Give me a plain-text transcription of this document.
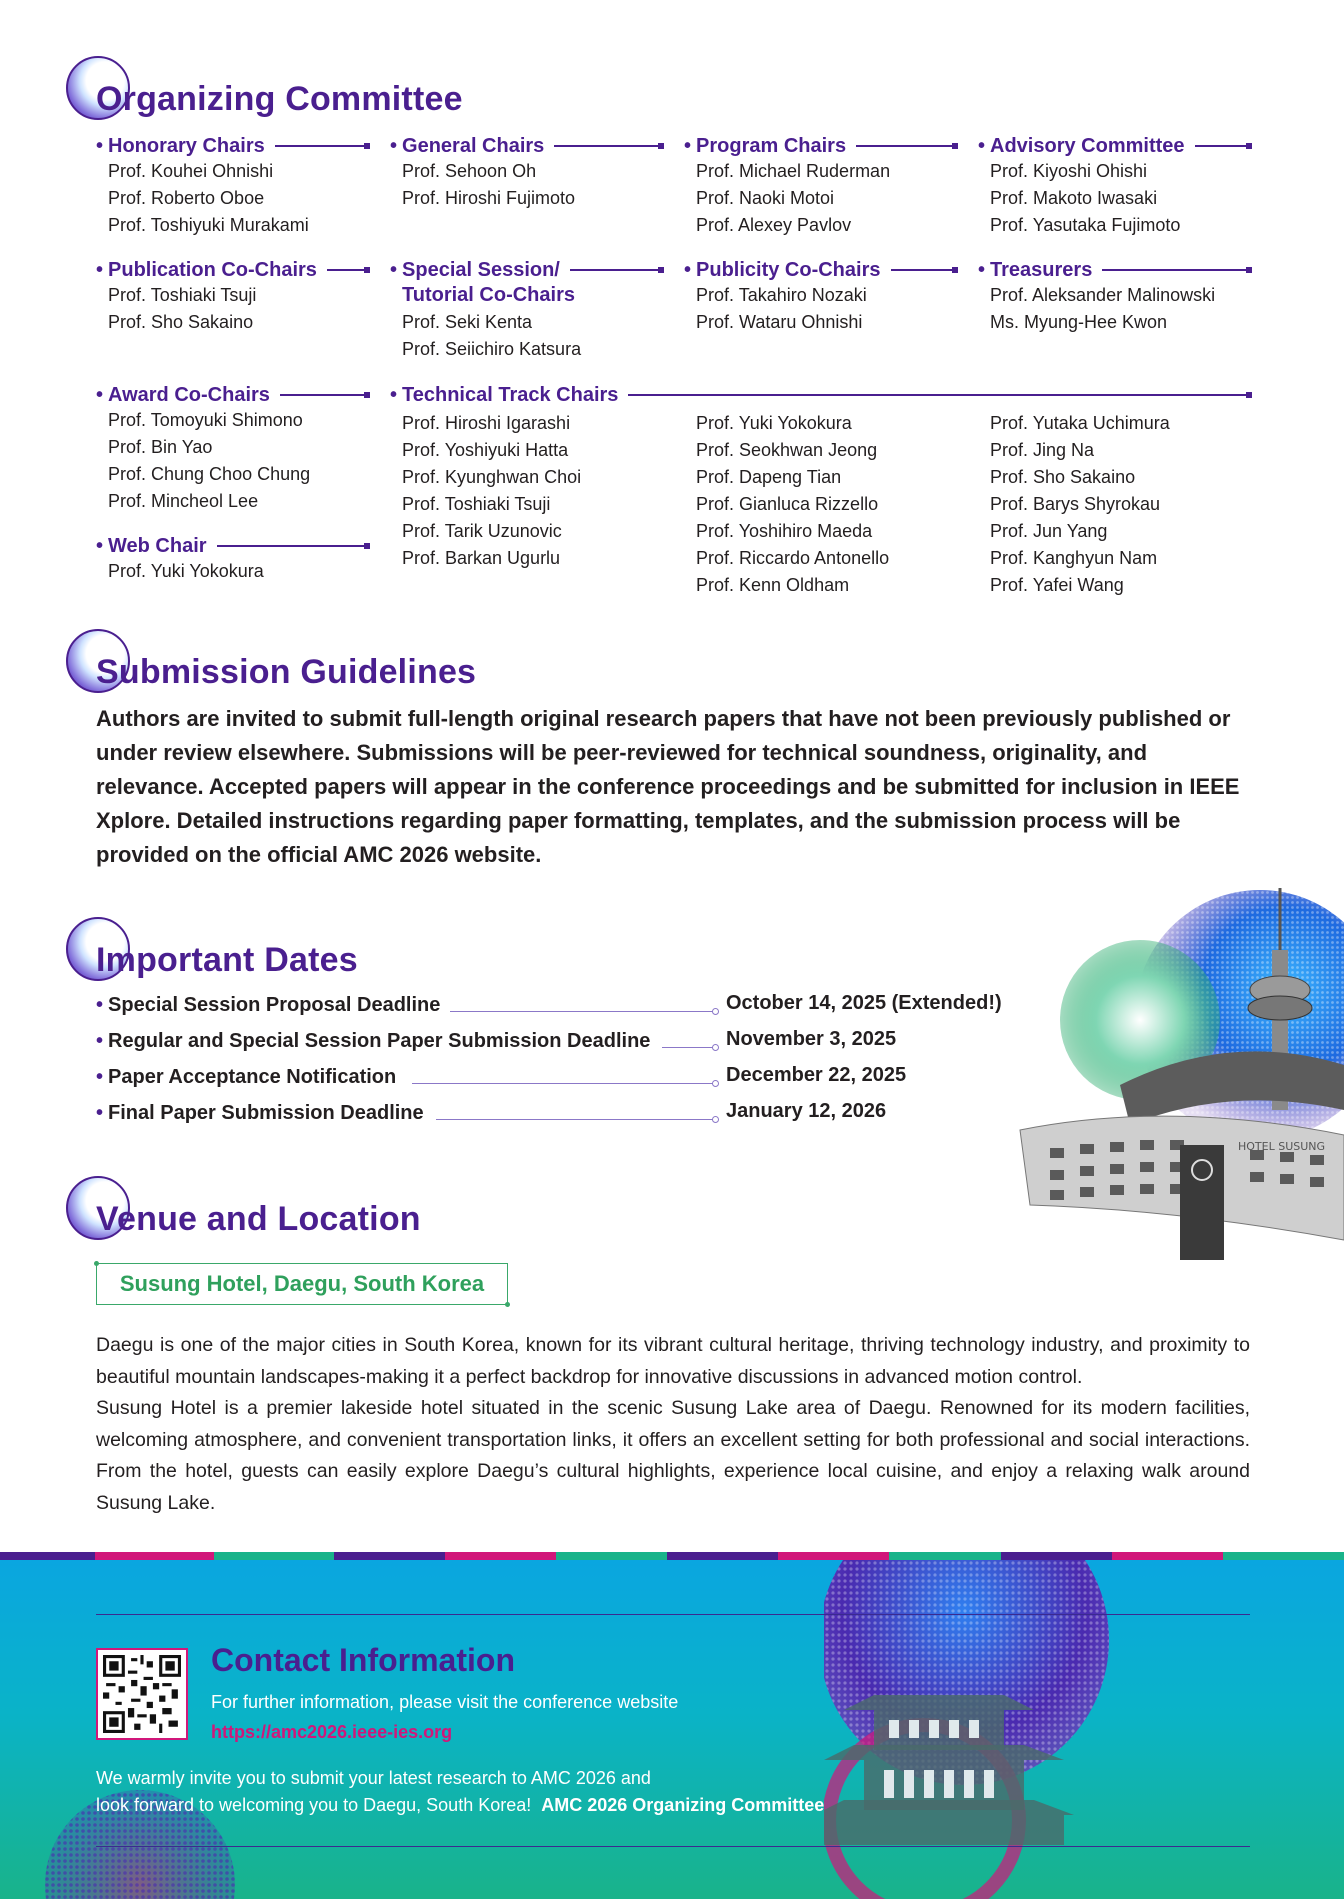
Organizing Committee
• Honorary Chairs
Prof. Kouhei Ohnishi
Prof. Roberto Oboe
Prof. Toshiyuki Murakami
• General Chairs
Prof. Sehoon Oh
Prof. Hiroshi Fujimoto
• Program Chairs
Prof. Michael Ruderman
Prof. Naoki Motoi
Prof. Alexey Pavlov
• Advisory Committee
Prof. Kiyoshi Ohishi
Prof. Makoto Iwasaki
Prof. Yasutaka Fujimoto
• Publication Co-Chairs
Prof. Toshiaki Tsuji
Prof. Sho Sakaino
• Special Session/
Tutorial Co-Chairs
Prof. Seki Kenta
Prof. Seiichiro Katsura
• Publicity Co-Chairs
Prof. Takahiro Nozaki
Prof. Wataru Ohnishi
• Treasurers
Prof. Aleksander Malinowski
Ms. Myung-Hee Kwon
• Award Co-Chairs
Prof. Tomoyuki Shimono
Prof. Bin Yao
Prof. Chung Choo Chung
Prof. Mincheol Lee
• Web Chair
Prof. Yuki Yokokura
• Technical Track Chairs
Prof. Hiroshi Igarashi
Prof. Yoshiyuki Hatta
Prof. Kyunghwan Choi
Prof. Toshiaki Tsuji
Prof. Tarik Uzunovic
Prof. Barkan Ugurlu
Prof. Yuki Yokokura
Prof. Seokhwan Jeong
Prof. Dapeng Tian
Prof. Gianluca Rizzello
Prof. Yoshihiro Maeda
Prof. Riccardo Antonello
Prof. Kenn Oldham
Prof. Yutaka Uchimura
Prof. Jing Na
Prof. Sho Sakaino
Prof. Barys Shyrokau
Prof. Jun Yang
Prof. Kanghyun Nam
Prof. Yafei Wang
Submission Guidelines

Authors are invited to submit full-length original research papers that have not been previously published or under review elsewhere. Submissions will be peer-reviewed for technical soundness, originality, and relevance. Accepted papers will appear in the conference proceedings and be submitted for inclusion in IEEE Xplore. Detailed instructions regarding paper formatting, templates, and the submission process will be provided on the official AMC 2026 website.

Important Dates
• Special Session Proposal Deadline	October 14, 2025 (Extended!)
• Regular and Special Session Paper Submission Deadline	November 3, 2025
• Paper Acceptance Notification	December 22, 2025
• Final Paper Submission Deadline	January 12, 2026
HOTEL SUSUNG
Venue and Location
Susung Hotel, Daegu, South Korea

Daegu is one of the major cities in South Korea, known for its vibrant cultural heritage, thriving technology industry, and proximity to beautiful mountain landscapes-making it a perfect backdrop for innovative discussions in advanced motion control.

Susung Hotel is a premier lakeside hotel situated in the scenic Susung Lake area of Daegu. Renowned for its modern facilities, welcoming atmosphere, and convenient transportation links, it offers an excellent setting for both professional and social interactions. From the hotel, guests can easily explore Daegu’s cultural highlights, experience local cuisine, and enjoy a relaxing walk around Susung Lake.

Contact Information
For further information, please visit the conference website
https://amc2026.ieee-ies.org
We warmly invite you to submit your latest research to AMC 2026 and
look forward to welcoming you to Daegu, South Korea! AMC 2026 Organizing Committee
